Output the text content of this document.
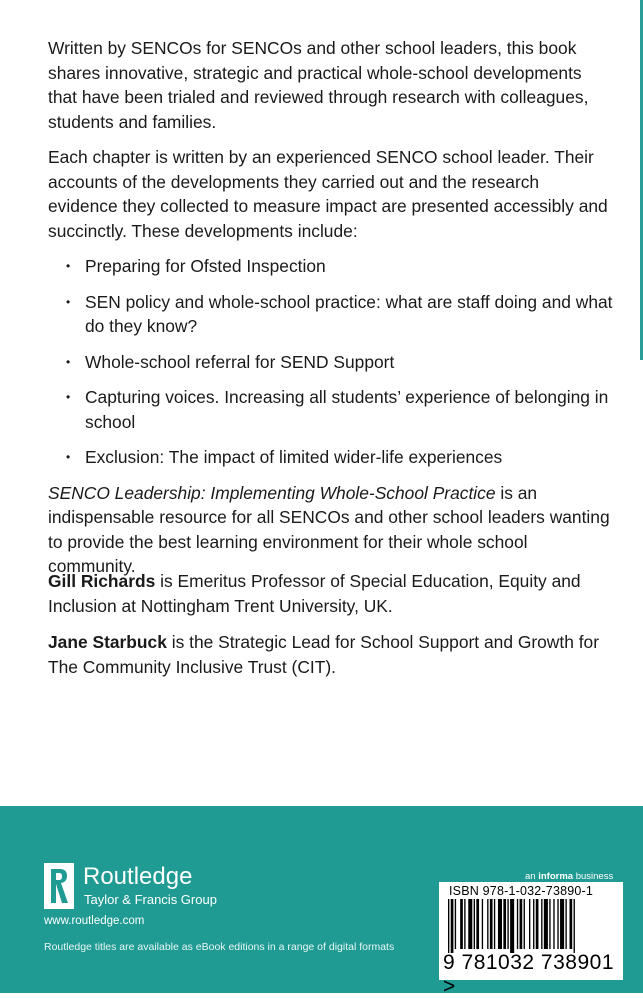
Written by SENCOs for SENCOs and other school leaders, this book shares innovative, strategic and practical whole-school developments that have been trialed and reviewed through research with colleagues, students and families.

Each chapter is written by an experienced SENCO school leader. Their accounts of the developments they carried out and the research evidence they collected to measure impact are presented accessibly and succinctly. These developments include:

• Preparing for Ofsted Inspection
• SEN policy and whole-school practice: what are staff doing and what do they know?
• Whole-school referral for SEND Support
• Capturing voices. Increasing all students’ experience of belonging in school
• Exclusion: The impact of limited wider-life experiences

SENCO Leadership: Implementing Whole-School Practice is an indispensable resource for all SENCOs and other school leaders wanting to provide the best learning environment for their whole school community.

Gill Richards is Emeritus Professor of Special Education, Equity and Inclusion at Nottingham Trent University, UK.

Jane Starbuck is the Strategic Lead for School Support and Growth for The Community Inclusive Trust (CIT).

Routledge
Taylor & Francis Group
www.routledge.com
Routledge titles are available as eBook editions in a range of digital formats
an informa business
ISBN 978-1-032-73890-1
9 781032 738901 >
